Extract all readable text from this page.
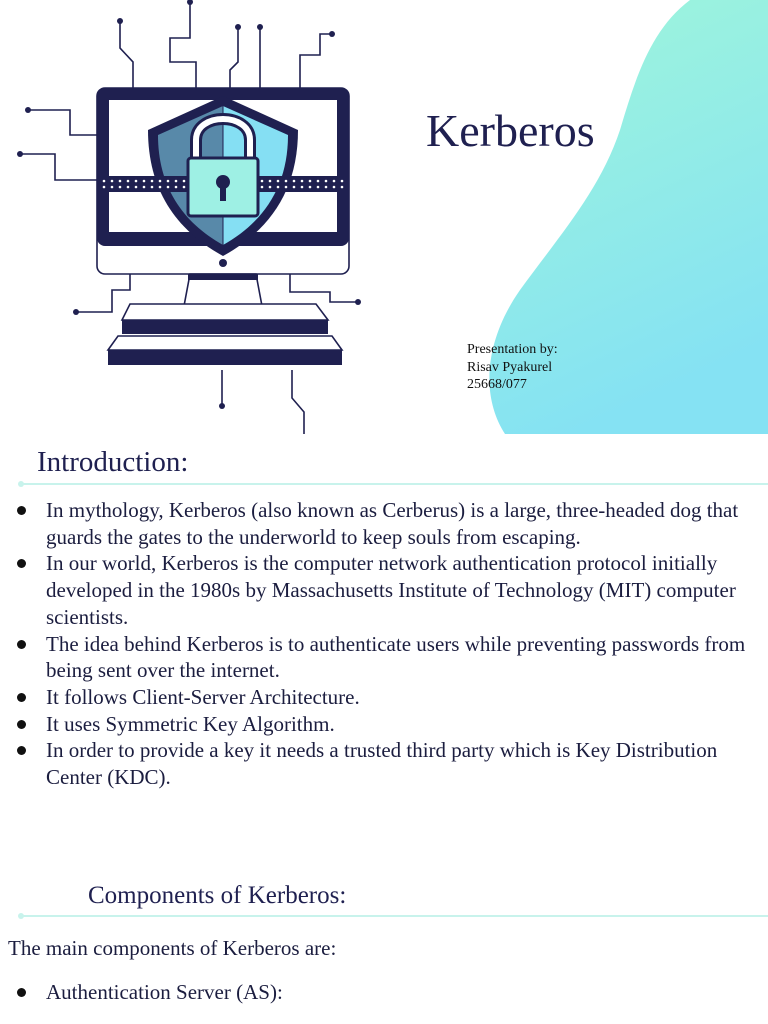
Kerberos
Presentation by:
Risav Pyakurel
25668/077
Introduction:
In mythology, Kerberos (also known as Cerberus) is a large, three-headed dog that guards the gates to the underworld to keep souls from escaping.
In our world, Kerberos is the computer network authentication protocol initially developed in the 1980s by Massachusetts Institute of Technology (MIT) computer scientists.
The idea behind Kerberos is to authenticate users while preventing passwords from being sent over the internet.
It follows Client-Server Architecture.
It uses Symmetric Key Algorithm.
In order to provide a key it needs a trusted third party which is Key Distribution Center (KDC).
Components of Kerberos:
The main components of Kerberos are:
Authentication Server (AS):
